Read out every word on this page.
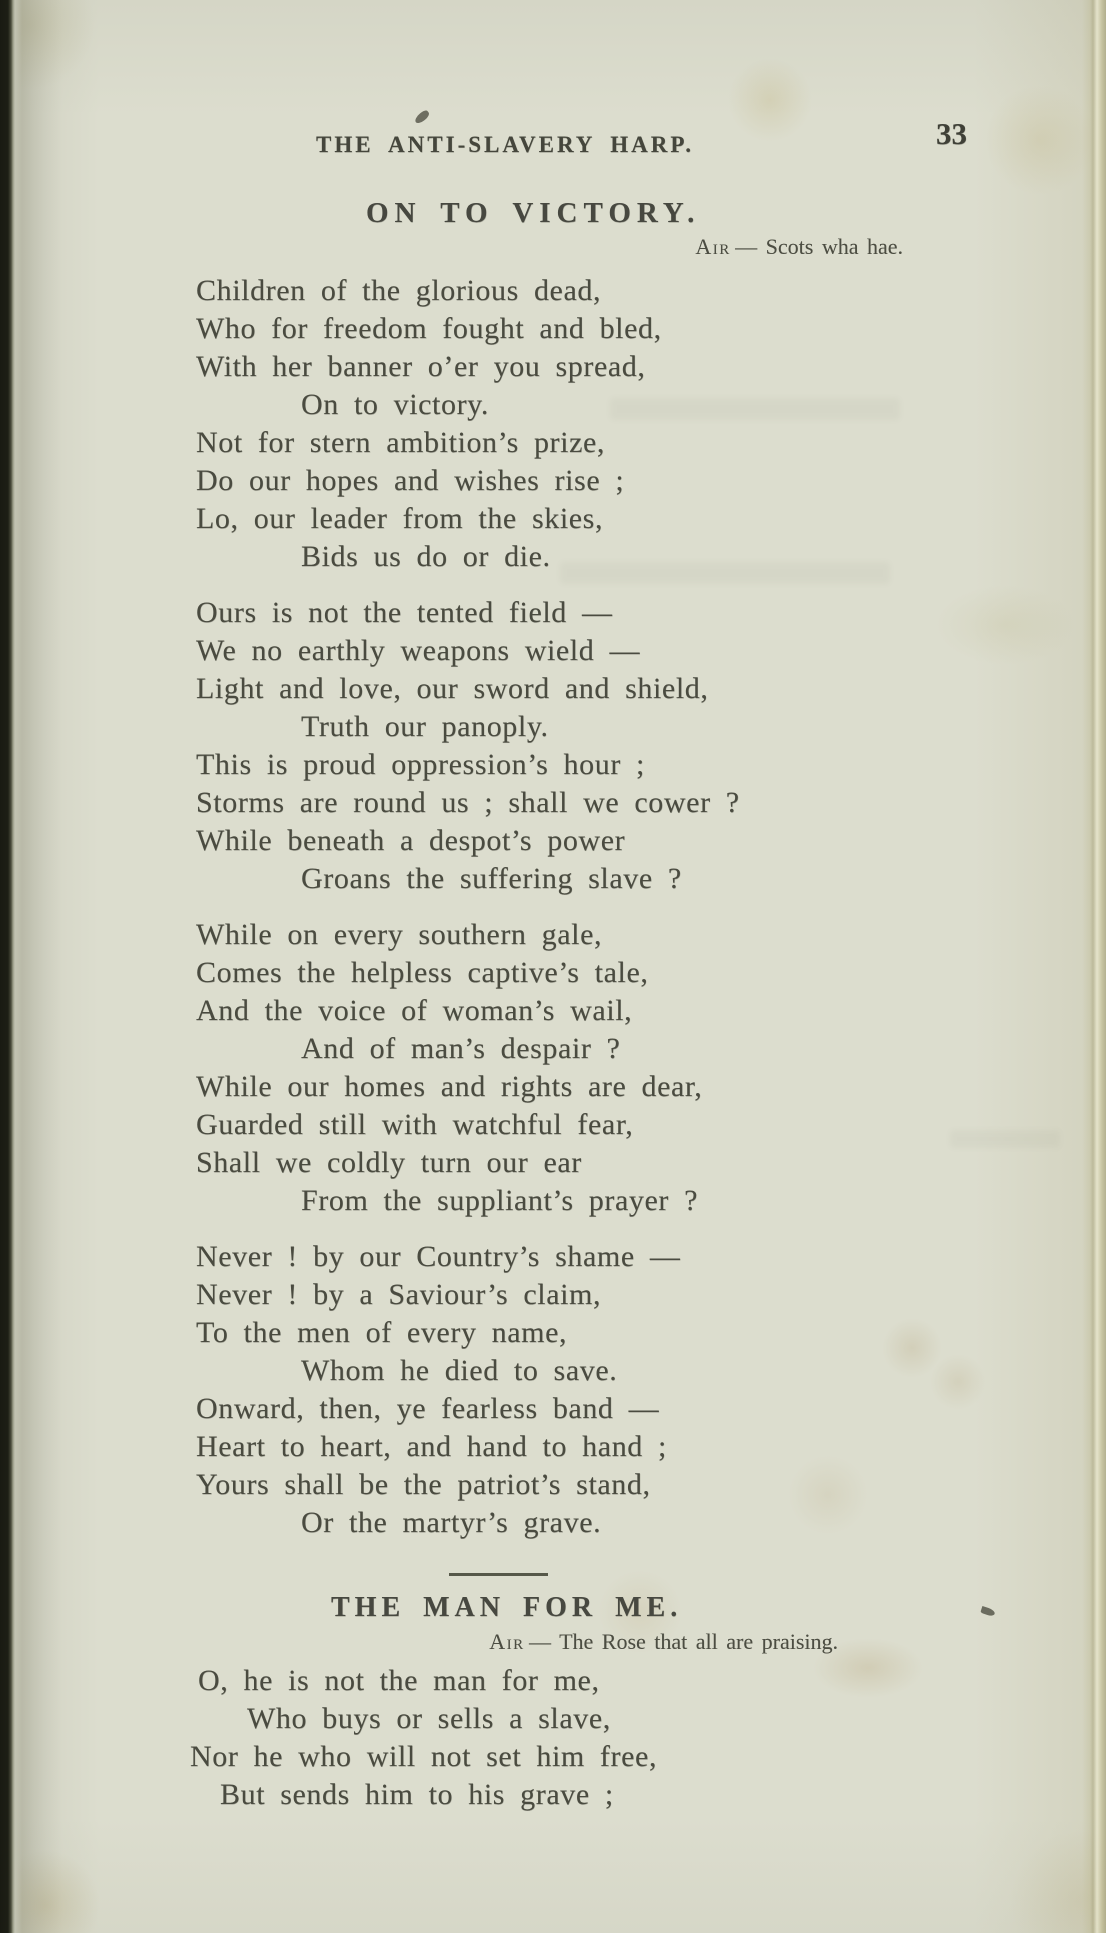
THE ANTI-SLAVERY HARP.	33
ON TO VICTORY.
Air — Scots wha hae.
Children of the glorious dead,
Who for freedom fought and bled,
With her banner o’er you spread,
On to victory.
Not for stern ambition’s prize,
Do our hopes and wishes rise ;
Lo, our leader from the skies,
Bids us do or die.
Ours is not the tented field —
We no earthly weapons wield —
Light and love, our sword and shield,
Truth our panoply.
This is proud oppression’s hour ;
Storms are round us ; shall we cower ?
While beneath a despot’s power
Groans the suffering slave ?
While on every southern gale,
Comes the helpless captive’s tale,
And the voice of woman’s wail,
And of man’s despair ?
While our homes and rights are dear,
Guarded still with watchful fear,
Shall we coldly turn our ear
From the suppliant’s prayer ?
Never ! by our Country’s shame —
Never ! by a Saviour’s claim,
To the men of every name,
Whom he died to save.
Onward, then, ye fearless band —
Heart to heart, and hand to hand ;
Yours shall be the patriot’s stand,
Or the martyr’s grave.
THE MAN FOR ME.
Air — The Rose that all are praising.
O, he is not the man for me,
Who buys or sells a slave,
Nor he who will not set him free,
But sends him to his grave ;
